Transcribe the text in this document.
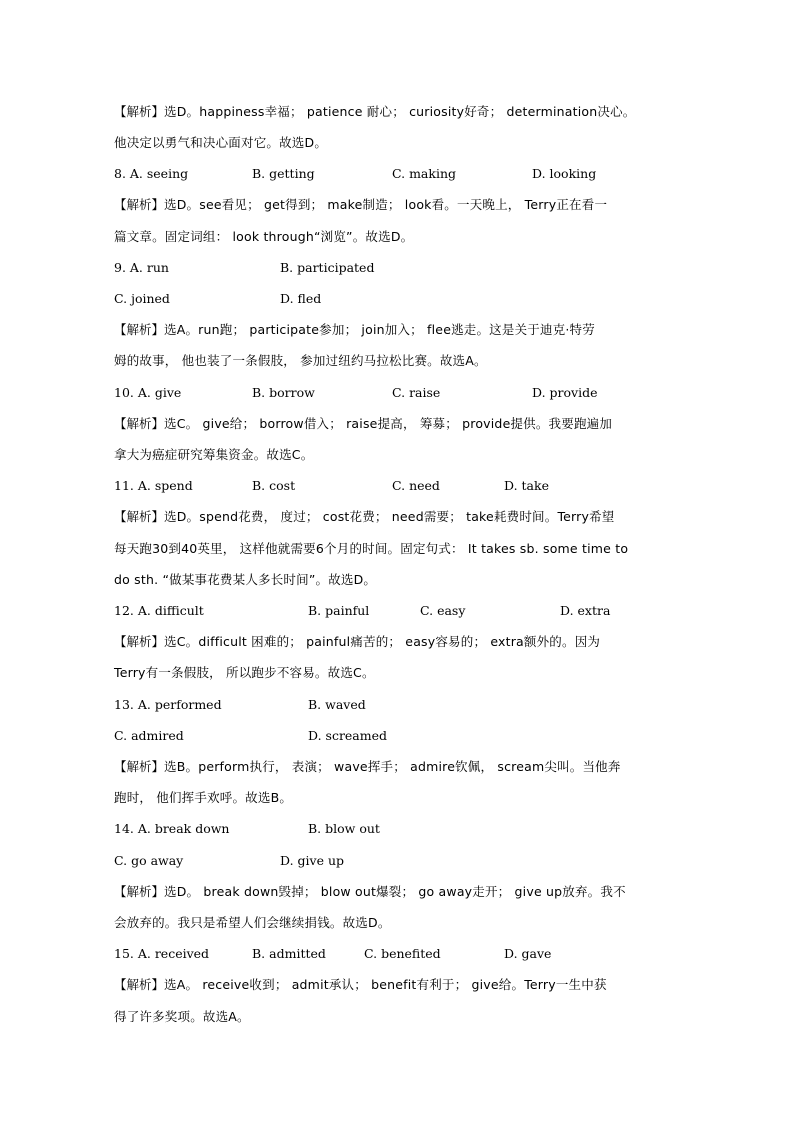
【解析】选D。happiness幸福； patience 耐心； curiosity好奇； determination决心。
他决定以勇气和决心面对它。故选D。
8. A. seeing	B. getting	C. making	D. looking
【解析】选D。see看见； get得到； make制造； look看。一天晚上， Terry正在看一
篇文章。固定词组： look through“浏览”。故选D。
9. A. run	B. participated
C. joined	D. fled
【解析】选A。run跑； participate参加； join加入； flee逃走。这是关于迪克·特劳
姆的故事， 他也装了一条假肢， 参加过纽约马拉松比赛。故选A。
10. A. give	B. borrow	C. raise	D. provide
【解析】选C。 give给； borrow借入； raise提高， 筹募； provide提供。我要跑遍加
拿大为癌症研究筹集资金。故选C。
11. A. spend	B. cost	C. need	D. take
【解析】选D。spend花费， 度过； cost花费； need需要； take耗费时间。Terry希望
每天跑30到40英里， 这样他就需要6个月的时间。固定句式： It takes sb. some time to
do sth. “做某事花费某人多长时间”。故选D。
12. A. difficult	B. painful	C. easy	D. extra
【解析】选C。difficult 困难的； painful痛苦的； easy容易的； extra额外的。因为
Terry有一条假肢， 所以跑步不容易。故选C。
13. A. performed	B. waved
C. admired	D. screamed
【解析】选B。perform执行， 表演； wave挥手； admire钦佩， scream尖叫。当他奔
跑时， 他们挥手欢呼。故选B。
14. A. break down	B. blow out
C. go away	D. give up
【解析】选D。 break down毁掉； blow out爆裂； go away走开； give up放弃。我不
会放弃的。我只是希望人们会继续捐钱。故选D。
15. A. received	B. admitted	C. benefited	D. gave
【解析】选A。 receive收到； admit承认； benefit有利于； give给。Terry一生中获
得了许多奖项。故选A。
